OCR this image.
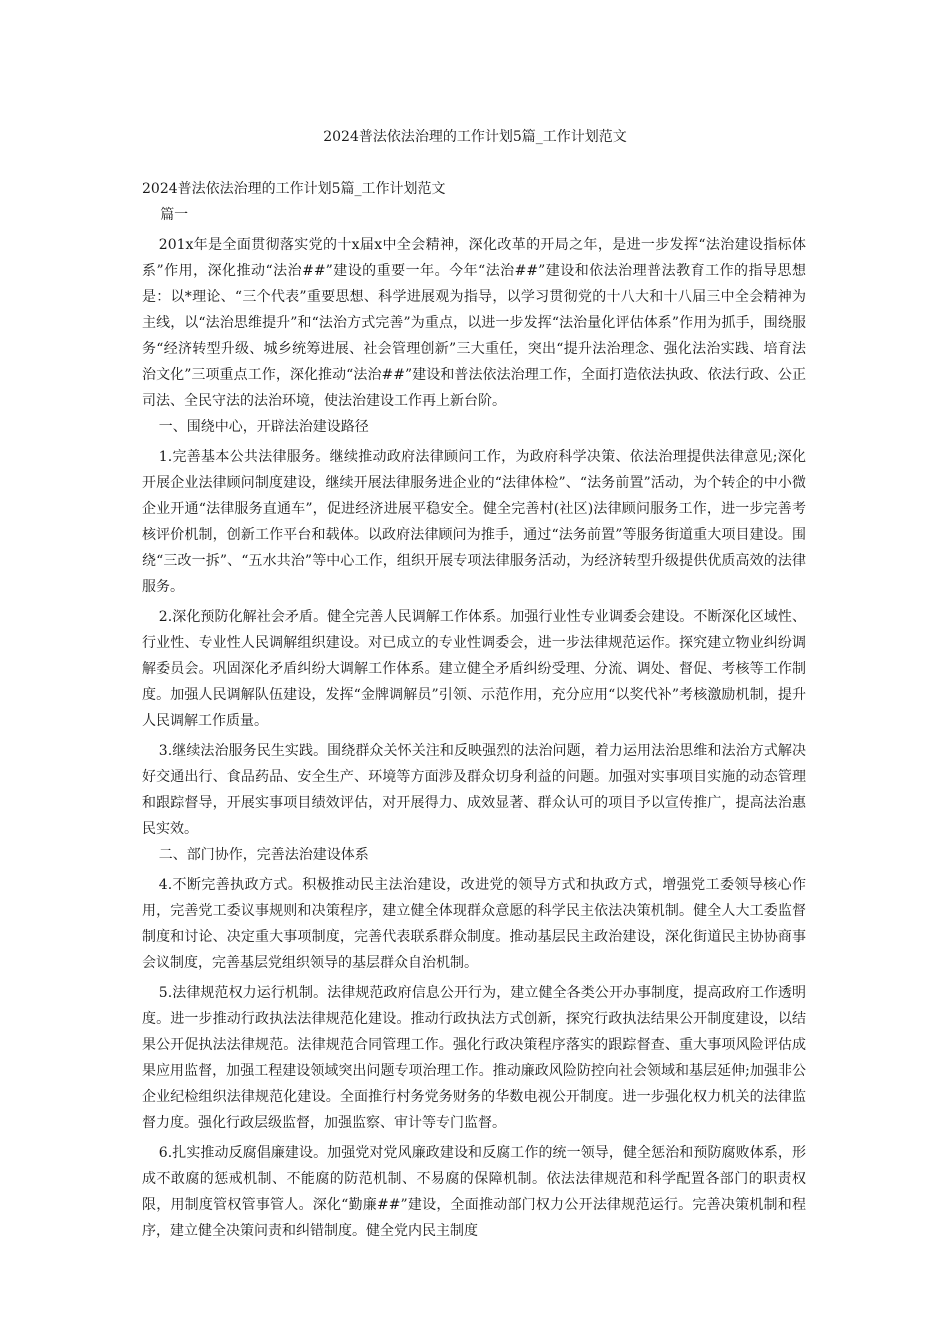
2024普法依法治理的工作计划5篇_工作计划范文

2024普法依法治理的工作计划5篇_工作计划范文

篇一

201x年是全面贯彻落实党的十x届x中全会精神，深化改革的开局之年，是进一步发挥“法治建设指标体系”作用，深化推动“法治##”建设的重要一年。今年“法治##”建设和依法治理普法教育工作的指导思想是：以*理论、“三个代表”重要思想、科学进展观为指导，以学习贯彻党的十八大和十八届三中全会精神为主线，以“法治思维提升”和“法治方式完善”为重点，以进一步发挥“法治量化评估体系”作用为抓手，围绕服务“经济转型升级、城乡统筹进展、社会管理创新”三大重任，突出“提升法治理念、强化法治实践、培育法治文化”三项重点工作，深化推动“法治##”建设和普法依法治理工作，全面打造依法执政、依法行政、公正司法、全民守法的法治环境，使法治建设工作再上新台阶。

一、围绕中心，开辟法治建设路径

1.完善基本公共法律服务。继续推动政府法律顾问工作，为政府科学决策、依法治理提供法律意见;深化开展企业法律顾问制度建设，继续开展法律服务进企业的“法律体检”、“法务前置”活动，为个转企的中小微企业开通“法律服务直通车”，促进经济进展平稳安全。健全完善村(社区)法律顾问服务工作，进一步完善考核评价机制，创新工作平台和载体。以政府法律顾问为推手，通过“法务前置”等服务街道重大项目建设。围绕“三改一拆”、“五水共治”等中心工作，组织开展专项法律服务活动，为经济转型升级提供优质高效的法律服务。

2.深化预防化解社会矛盾。健全完善人民调解工作体系。加强行业性专业调委会建设。不断深化区域性、行业性、专业性人民调解组织建设。对已成立的专业性调委会，进一步法律规范运作。探究建立物业纠纷调解委员会。巩固深化矛盾纠纷大调解工作体系。建立健全矛盾纠纷受理、分流、调处、督促、考核等工作制度。加强人民调解队伍建设，发挥“金牌调解员”引领、示范作用，充分应用“以奖代补”考核激励机制，提升人民调解工作质量。

3.继续法治服务民生实践。围绕群众关怀关注和反映强烈的法治问题，着力运用法治思维和法治方式解决好交通出行、食品药品、安全生产、环境等方面涉及群众切身利益的问题。加强对实事项目实施的动态管理和跟踪督导，开展实事项目绩效评估，对开展得力、成效显著、群众认可的项目予以宣传推广，提高法治惠民实效。

二、部门协作，完善法治建设体系

4.不断完善执政方式。积极推动民主法治建设，改进党的领导方式和执政方式，增强党工委领导核心作用，完善党工委议事规则和决策程序，建立健全体现群众意愿的科学民主依法决策机制。健全人大工委监督制度和讨论、决定重大事项制度，完善代表联系群众制度。推动基层民主政治建设，深化街道民主协协商事会议制度，完善基层党组织领导的基层群众自治机制。

5.法律规范权力运行机制。法律规范政府信息公开行为，建立健全各类公开办事制度，提高政府工作透明度。进一步推动行政执法法律规范化建设。推动行政执法方式创新，探究行政执法结果公开制度建设，以结果公开促执法法律规范。法律规范合同管理工作。强化行政决策程序落实的跟踪督查、重大事项风险评估成果应用监督，加强工程建设领域突出问题专项治理工作。推动廉政风险防控向社会领域和基层延伸;加强非公企业纪检组织法律规范化建设。全面推行村务党务财务的华数电视公开制度。进一步强化权力机关的法律监督力度。强化行政层级监督，加强监察、审计等专门监督。

6.扎实推动反腐倡廉建设。加强党对党风廉政建设和反腐工作的统一领导，健全惩治和预防腐败体系，形成不敢腐的惩戒机制、不能腐的防范机制、不易腐的保障机制。依法法律规范和科学配置各部门的职责权限，用制度管权管事管人。深化“勤廉##”建设，全面推动部门权力公开法律规范运行。完善决策机制和程序，建立健全决策问责和纠错制度。健全党内民主制度
